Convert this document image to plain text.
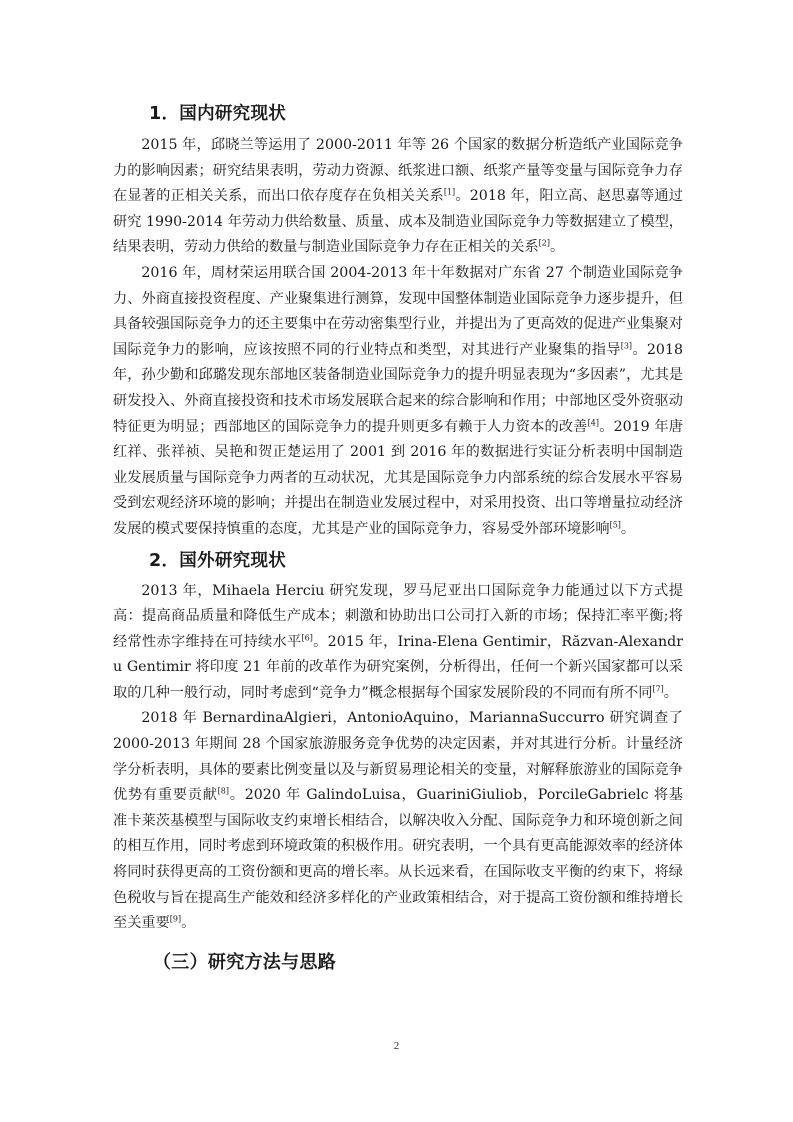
1．国内研究现状

2015 年，邱晓兰等运用了 2000-2011 年等 26 个国家的数据分析造纸产业国际竞争力的影响因素；研究结果表明，劳动力资源、纸浆进口额、纸浆产量等变量与国际竞争力存在显著的正相关关系，而出口依存度存在负相关关系[1]。2018 年，阳立高、赵思嘉等通过研究 1990-2014 年劳动力供给数量、质量、成本及制造业国际竞争力等数据建立了模型，结果表明，劳动力供给的数量与制造业国际竞争力存在正相关的关系[2]。

2016 年，周材荣运用联合国 2004-2013 年十年数据对广东省 27 个制造业国际竞争力、外商直接投资程度、产业聚集进行测算，发现中国整体制造业国际竞争力逐步提升，但具备较强国际竞争力的还主要集中在劳动密集型行业，并提出为了更高效的促进产业集聚对国际竞争力的影响，应该按照不同的行业特点和类型，对其进行产业聚集的指导[3]。2018 年，孙少勤和邱璐发现东部地区装备制造业国际竞争力的提升明显表现为“多因素”，尤其是研发投入、外商直接投资和技术市场发展联合起来的综合影响和作用；中部地区受外资驱动特征更为明显；西部地区的国际竞争力的提升则更多有赖于人力资本的改善[4]。2019 年唐红祥、张祥祯、吴艳和贺正楚运用了 2001 到 2016 年的数据进行实证分析表明中国制造业发展质量与国际竞争力两者的互动状况，尤其是国际竞争力内部系统的综合发展水平容易受到宏观经济环境的影响；并提出在制造业发展过程中，对采用投资、出口等增量拉动经济发展的模式要保持慎重的态度，尤其是产业的国际竞争力，容易受外部环境影响[5]。

2．国外研究现状

2013 年，Mihaela Herciu 研究发现，罗马尼亚出口国际竞争力能通过以下方式提高：提高商品质量和降低生产成本；刺激和协助出口公司打入新的市场；保持汇率平衡;将经常性赤字维持在可持续水平[6]。2015 年，Irina-Elena Gentimir，Răzvan-Alexandru Gentimir 将印度 21 年前的改革作为研究案例，分析得出，任何一个新兴国家都可以采取的几种一般行动，同时考虑到“竞争力”概念根据每个国家发展阶段的不同而有所不同[7]。

2018 年 BernardinaAlgieri，AntonioAquino，MariannaSuccurro 研究调查了 2000-2013 年期间 28 个国家旅游服务竞争优势的决定因素，并对其进行分析。计量经济学分析表明，具体的要素比例变量以及与新贸易理论相关的变量，对解释旅游业的国际竞争优势有重要贡献[8]。2020 年 GalindoLuisa，GuariniGiuliob，PorcileGabrielc 将基准卡莱茨基模型与国际收支约束增长相结合，以解决收入分配、国际竞争力和环境创新之间的相互作用，同时考虑到环境政策的积极作用。研究表明，一个具有更高能源效率的经济体将同时获得更高的工资份额和更高的增长率。从长远来看，在国际收支平衡的约束下，将绿色税收与旨在提高生产能效和经济多样化的产业政策相结合，对于提高工资份额和维持增长至关重要[9]。

（三）研究方法与思路
2
